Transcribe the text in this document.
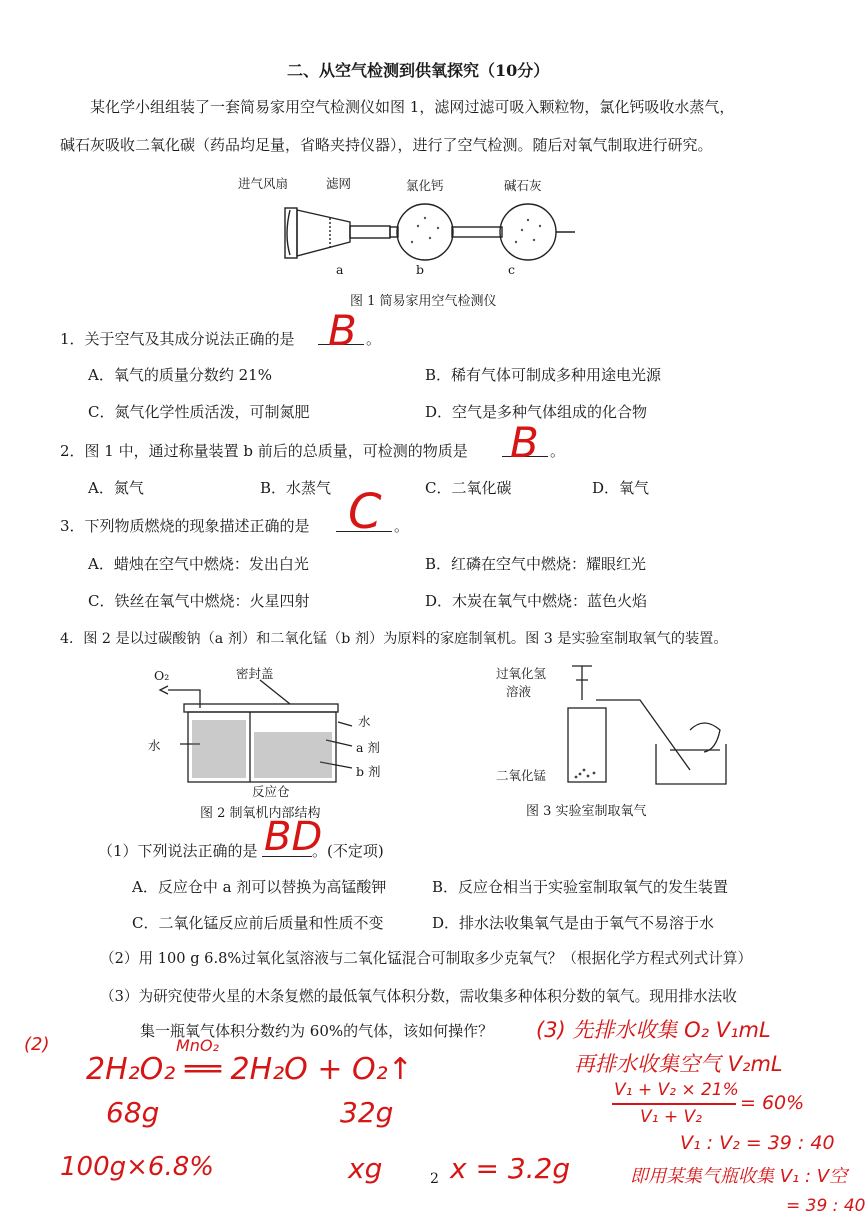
二、从空气检测到供氧探究（10分）
某化学小组组装了一套简易家用空气检测仪如图 1，滤网过滤可吸入颗粒物，氯化钙吸收水蒸气，
碱石灰吸收二氧化碳（药品均足量，省略夹持仪器），进行了空气检测。随后对氧气制取进行研究。
进气风扇	滤网	氯化钙	碱石灰
a	b	c
图 1 简易家用空气检测仪
1．关于空气及其成分说法正确的是	。
B
A．氧气的质量分数约 21%	B．稀有气体可制成多种用途电光源
C．氮气化学性质活泼，可制氮肥	D．空气是多种气体组成的化合物
2．图 1 中，通过称量装置 b 前后的总质量，可检测的物质是	。
B
A．氮气	B．水蒸气	C．二氧化碳	D．氧气
3．下列物质燃烧的现象描述正确的是	。
C
A．蜡烛在空气中燃烧：发出白光	B．红磷在空气中燃烧：耀眼红光
C．铁丝在氧气中燃烧：火星四射	D．木炭在氧气中燃烧：蓝色火焰
4．图 2 是以过碳酸钠（a 剂）和二氧化锰（b 剂）为原料的家庭制氧机。图 3 是实验室制取氧气的装置。
O₂	密封盖
水
水	a 剂
b 剂
反应仓
图 2 制氧机内部结构
过氧化氢
溶液
二氧化锰
图 3 实验室制取氧气
（1）下列说法正确的是	。(不定项)
BD
A．反应仓中 a 剂可以替换为高锰酸钾	B．反应仓相当于实验室制取氧气的发生装置
C．二氧化锰反应前后质量和性质不变	D．排水法收集氧气是由于氧气不易溶于水
（2）用 100 g 6.8%过氧化氢溶液与二氧化锰混合可制取多少克氧气？（根据化学方程式列式计算）
（3）为研究使带火星的木条复燃的最低氧气体积分数，需收集多种体积分数的氧气。现用排水法收
集一瓶氧气体积分数约为 60%的气体，该如何操作？
(2)	MnO₂
2H₂O₂ ══ 2H₂O + O₂↑
68g	32g
100g×6.8%	xg x = 3.2g
(3) 先排水收集 O₂ V₁mL
再排水收集空气 V₂mL
V₁ + V₂ × 21%
V₁ + V₂
= 60%
V₁ : V₂ = 39 : 40
即用某集气瓶收集 V₁ : V空
= 39 : 40
2
